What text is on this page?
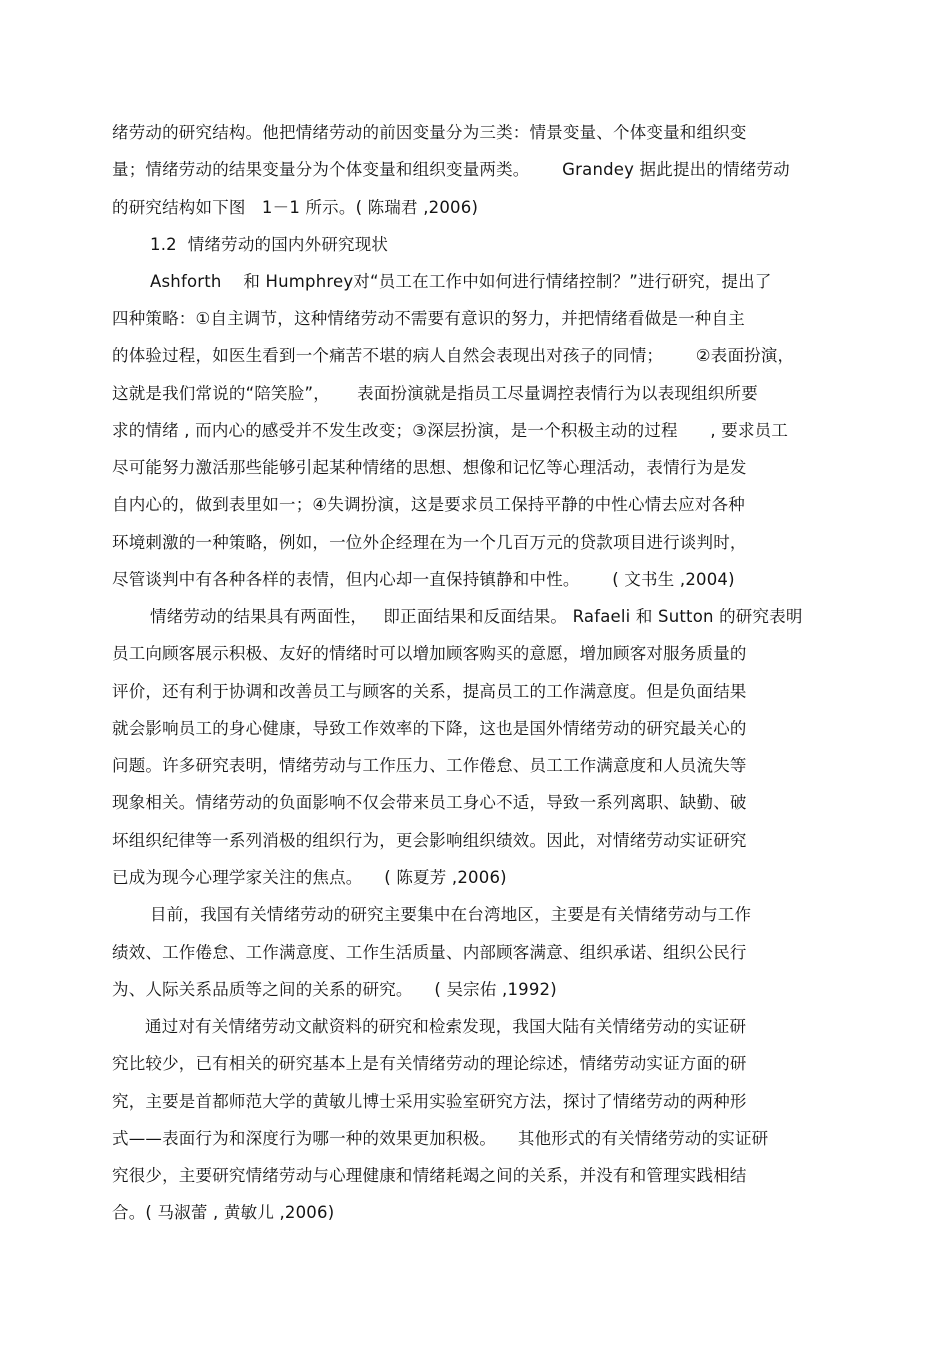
绪劳动的研究结构。他把情绪劳动的前因变量分为三类：情景变量、个体变量和组织变
量；情绪劳动的结果变量分为个体变量和组织变量两类。      Grandey 据此提出的情绪劳动
的研究结构如下图   1－1 所示。( 陈瑞君 ,2006)
1.2  情绪劳动的国内外研究现状
Ashforth    和 Humphrey对“员工在工作中如何进行情绪控制？”进行研究，提出了
四种策略：①自主调节，这种情绪劳动不需要有意识的努力，并把情绪看做是一种自主
的体验过程，如医生看到一个痛苦不堪的病人自然会表现出对孩子的同情；      ②表面扮演，
这就是我们常说的“陪笑脸”，     表面扮演就是指员工尽量调控表情行为以表现组织所要
求的情绪 , 而内心的感受并不发生改变；③深层扮演，是一个积极主动的过程      , 要求员工
尽可能努力激活那些能够引起某种情绪的思想、想像和记忆等心理活动，表情行为是发
自内心的，做到表里如一；④失调扮演，这是要求员工保持平静的中性心情去应对各种
环境刺激的一种策略，例如，一位外企经理在为一个几百万元的贷款项目进行谈判时，
尽管谈判中有各种各样的表情，但内心却一直保持镇静和中性。      ( 文书生 ,2004)
情绪劳动的结果具有两面性，   即正面结果和反面结果。 Rafaeli 和 Sutton 的研究表明
员工向顾客展示积极、友好的情绪时可以增加顾客购买的意愿，增加顾客对服务质量的
评价，还有利于协调和改善员工与顾客的关系，提高员工的工作满意度。但是负面结果
就会影响员工的身心健康，导致工作效率的下降，这也是国外情绪劳动的研究最关心的
问题。许多研究表明，情绪劳动与工作压力、工作倦怠、员工工作满意度和人员流失等
现象相关。情绪劳动的负面影响不仅会带来员工身心不适，导致一系列离职、缺勤、破
坏组织纪律等一系列消极的组织行为，更会影响组织绩效。因此，对情绪劳动实证研究
已成为现今心理学家关注的焦点。    ( 陈夏芳 ,2006)
目前，我国有关情绪劳动的研究主要集中在台湾地区，主要是有关情绪劳动与工作
绩效、工作倦怠、工作满意度、工作生活质量、内部顾客满意、组织承诺、组织公民行
为、人际关系品质等之间的关系的研究。    ( 吴宗佑 ,1992)
通过对有关情绪劳动文献资料的研究和检索发现，我国大陆有关情绪劳动的实证研
究比较少，已有相关的研究基本上是有关情绪劳动的理论综述，情绪劳动实证方面的研
究，主要是首都师范大学的黄敏儿博士采用实验室研究方法，探讨了情绪劳动的两种形
式——表面行为和深度行为哪一种的效果更加积极。    其他形式的有关情绪劳动的实证研
究很少，主要研究情绪劳动与心理健康和情绪耗竭之间的关系，并没有和管理实践相结
合。( 马淑蕾 , 黄敏儿 ,2006)
